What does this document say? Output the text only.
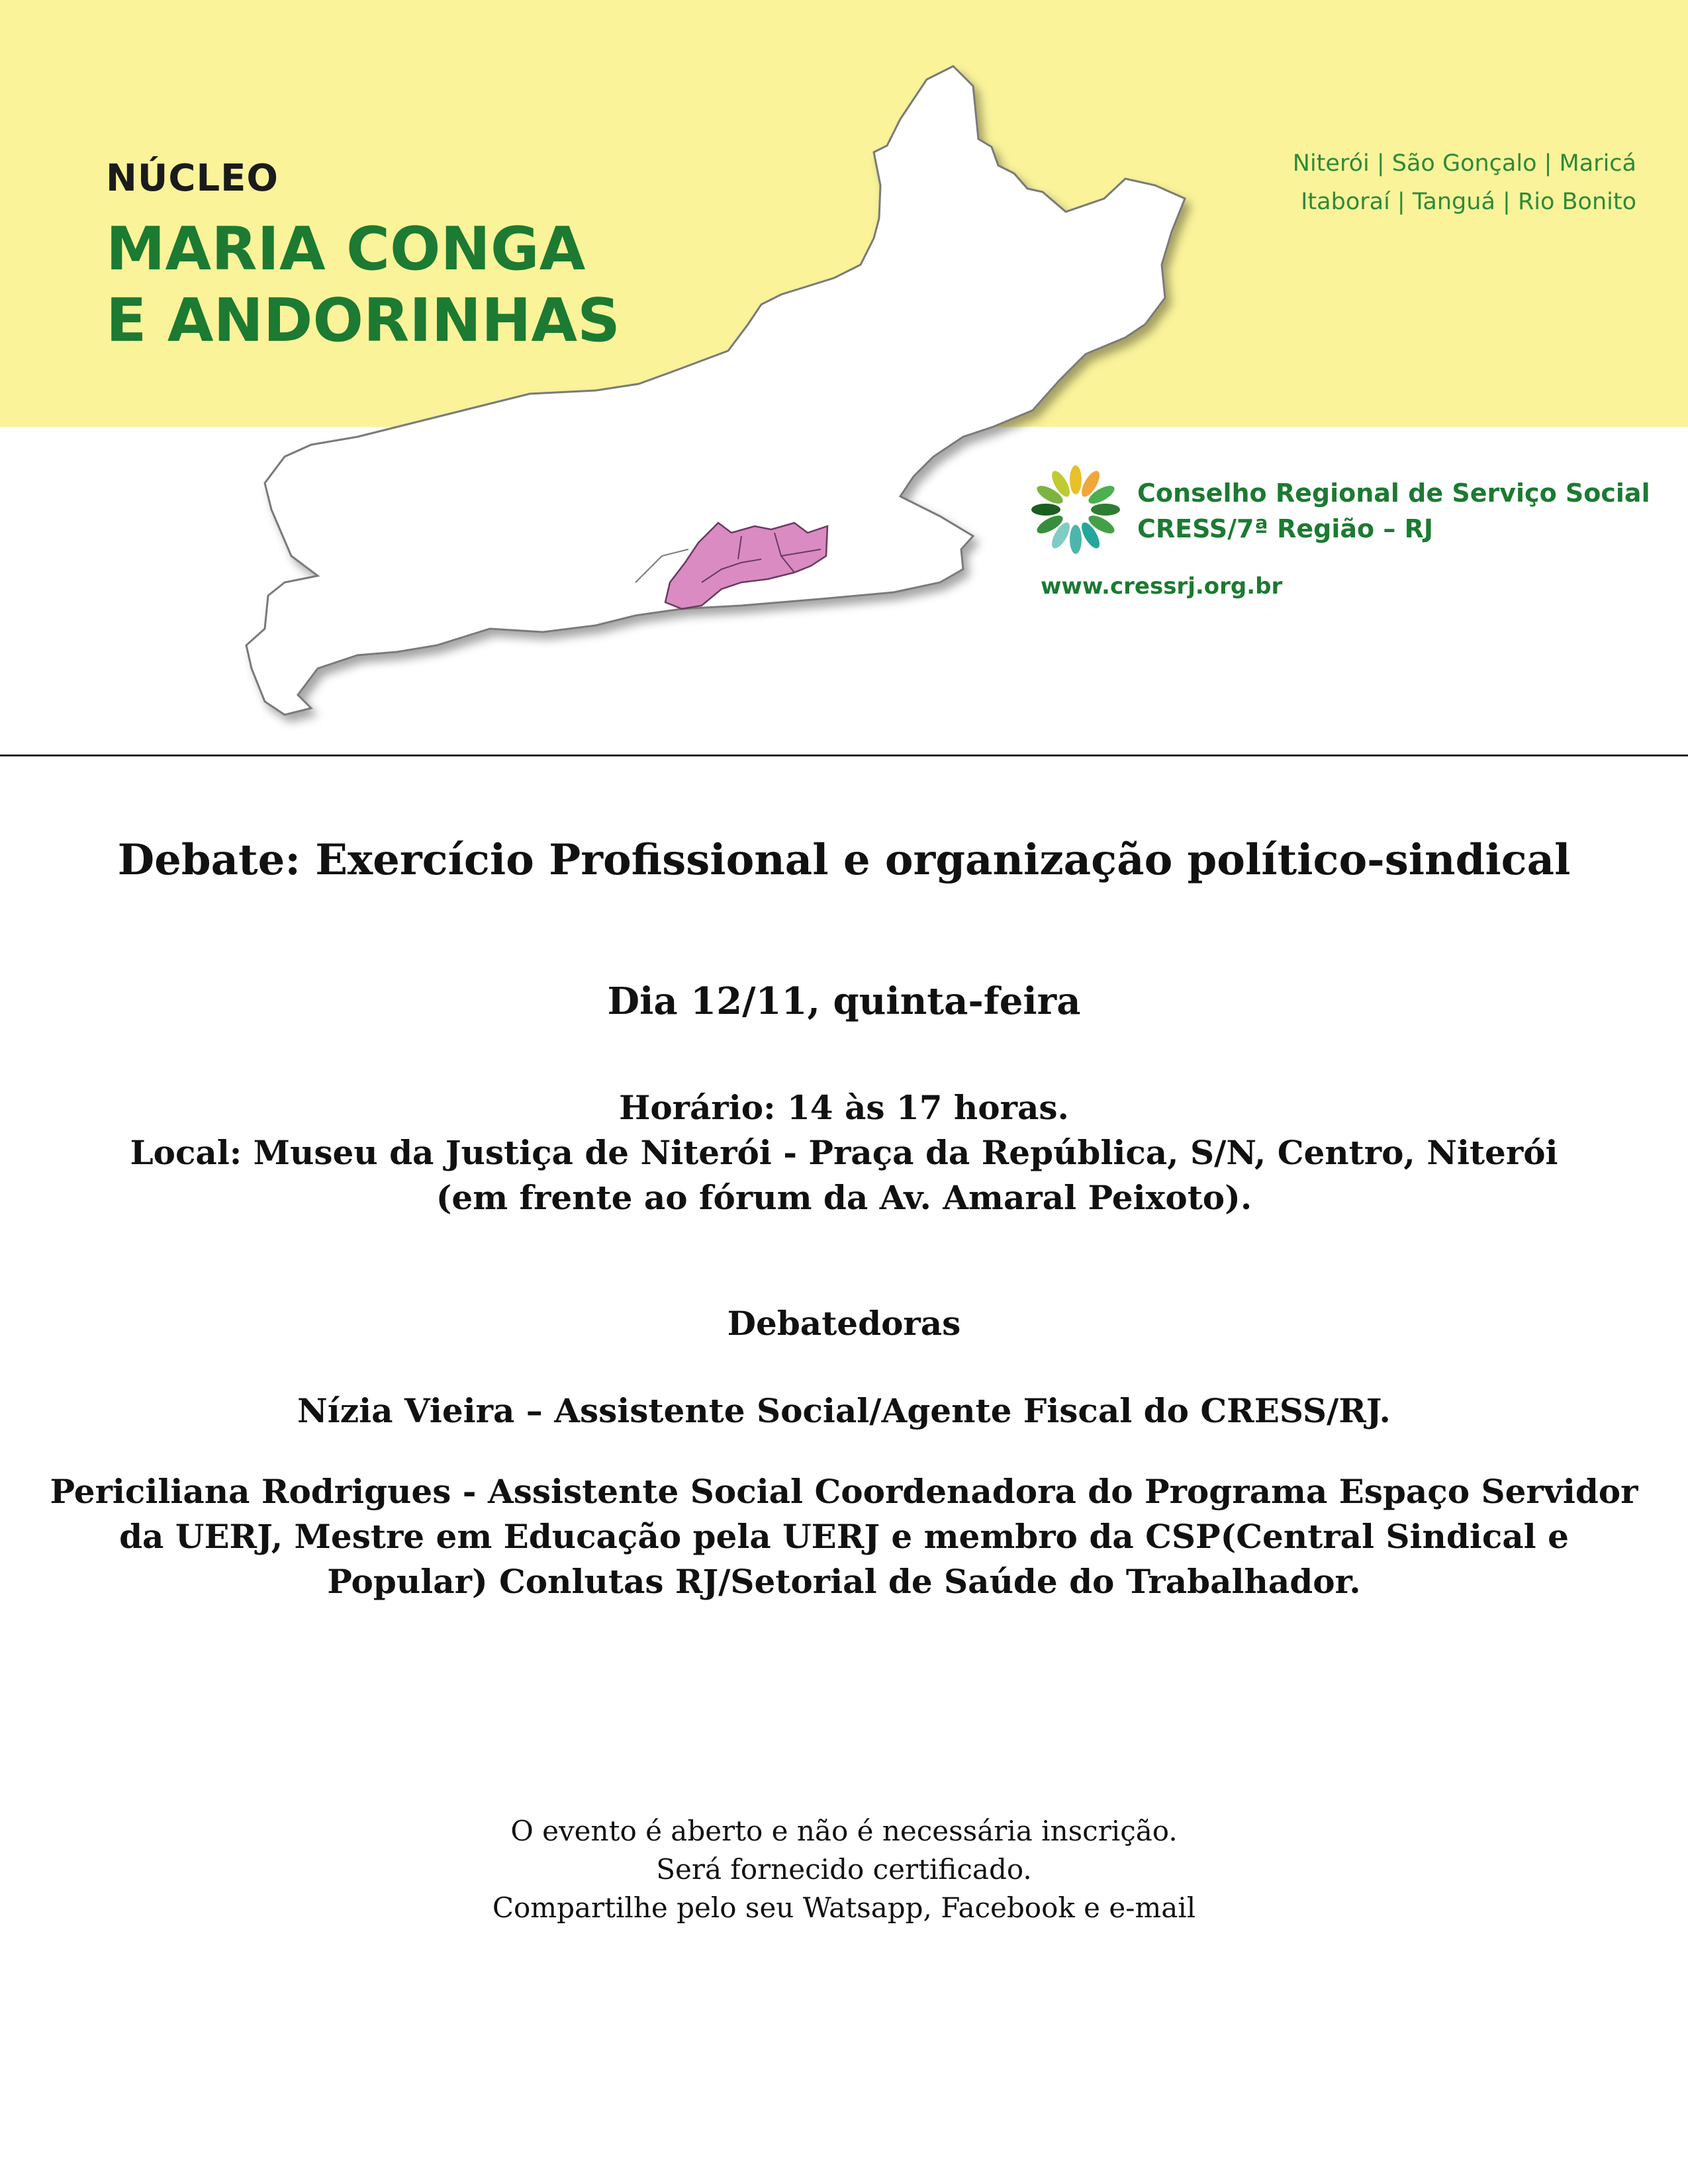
NÚCLEO
MARIA CONGA
E ANDORINHAS
Niterói | São Gonçalo | Maricá
Itaboraí | Tanguá | Rio Bonito
Conselho Regional de Serviço Social
CRESS/7ª Região – RJ
www.cressrj.org.br
Debate: Exercício Profissional e organização político-sindical
Dia 12/11, quinta-feira
Horário: 14 às 17 horas.
Local: Museu da Justiça de Niterói - Praça da República, S/N, Centro, Niterói
(em frente ao fórum da Av. Amaral Peixoto).
Debatedoras
Nízia Vieira – Assistente Social/Agente Fiscal do CRESS/RJ.
Periciliana Rodrigues - Assistente Social Coordenadora do Programa Espaço Servidor
da UERJ, Mestre em Educação pela UERJ e membro da CSP(Central Sindical e
Popular) Conlutas RJ/Setorial de Saúde do Trabalhador.
O evento é aberto e não é necessária inscrição.
Será fornecido certificado.
Compartilhe pelo seu Watsapp, Facebook e e-mail
